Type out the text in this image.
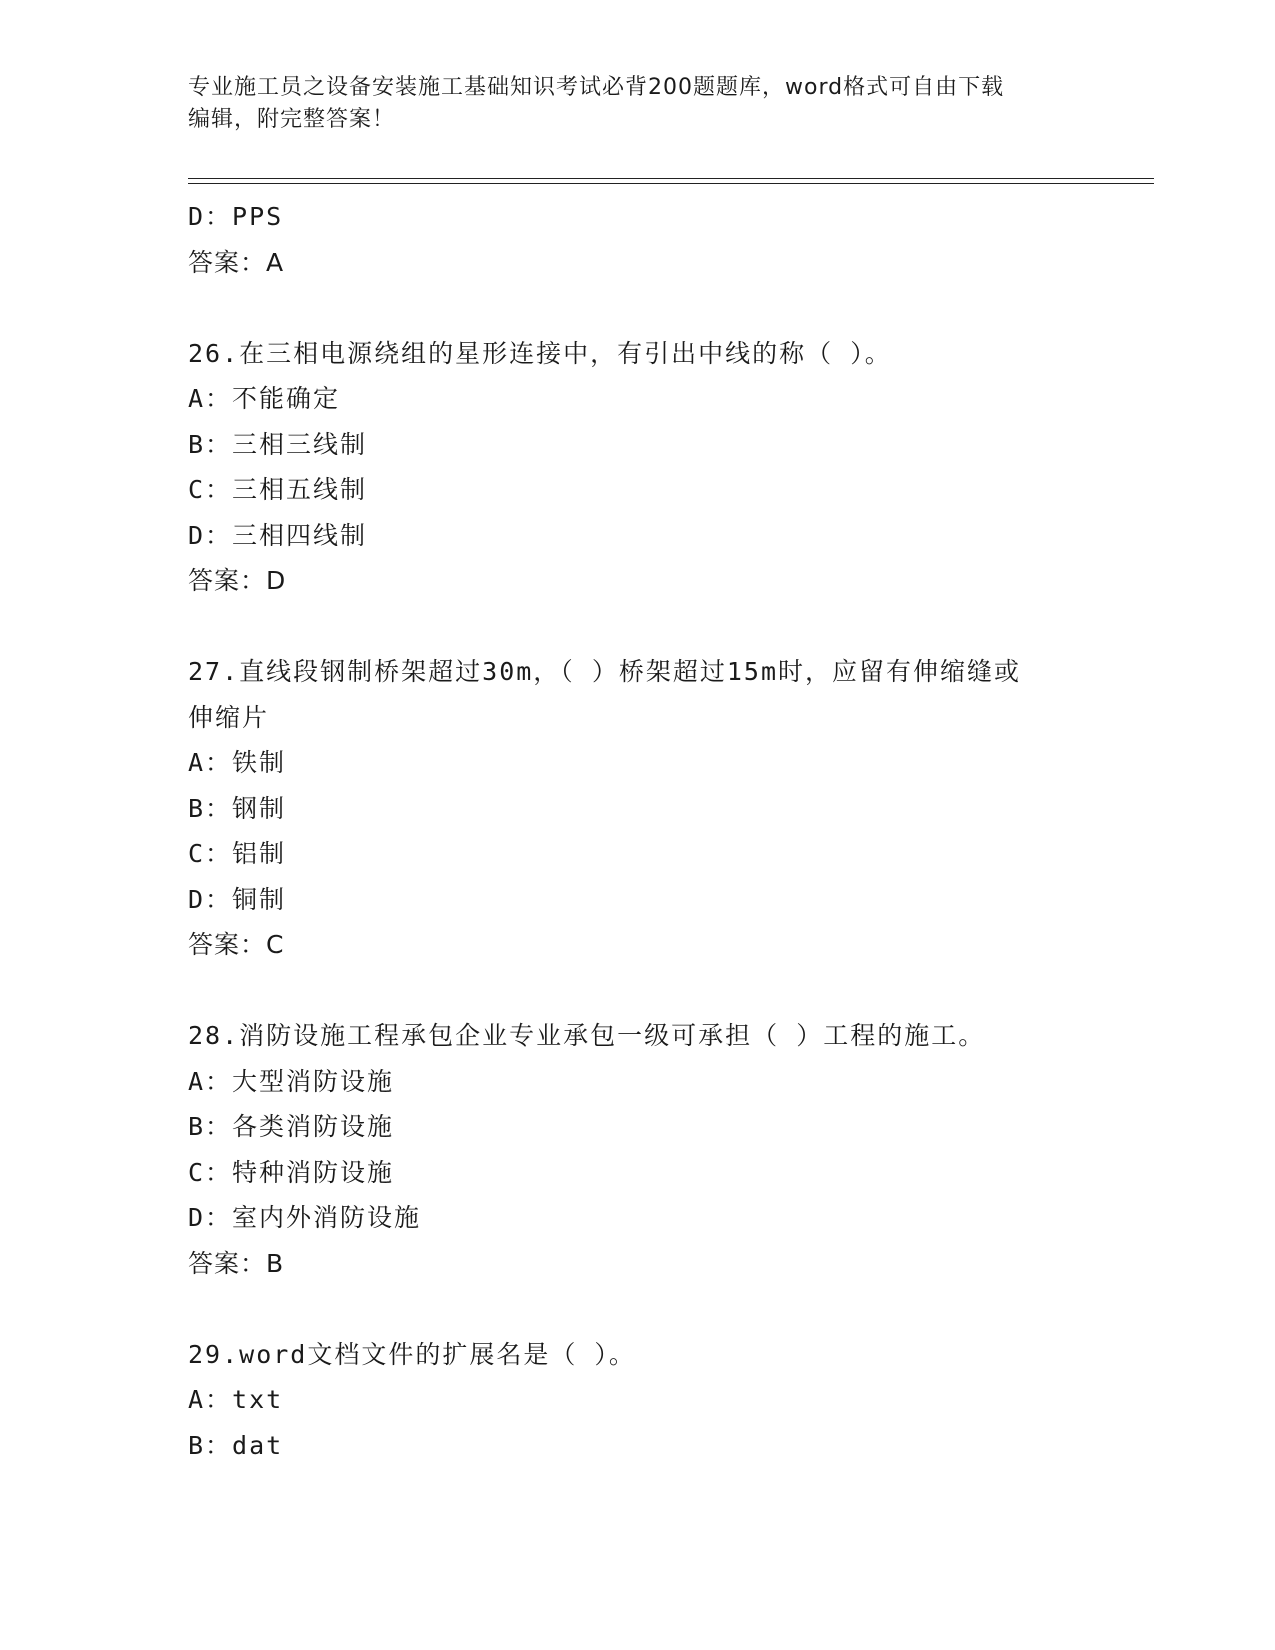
专业施工员之设备安装施工基础知识考试必背200题题库，word格式可自由下载
编辑，附完整答案！
D：PPS
答案：A
26.在三相电源绕组的星形连接中，有引出中线的称（ ）。
A：不能确定
B：三相三线制
C：三相五线制
D：三相四线制
答案：D
27.直线段钢制桥架超过30m，（ ）桥架超过15m时，应留有伸缩缝或
伸缩片
A：铁制
B：钢制
C：铝制
D：铜制
答案：C
28.消防设施工程承包企业专业承包一级可承担（ ）工程的施工。
A：大型消防设施
B：各类消防设施
C：特种消防设施
D：室内外消防设施
答案：B
29.word文档文件的扩展名是（ ）。
A：txt
B：dat
